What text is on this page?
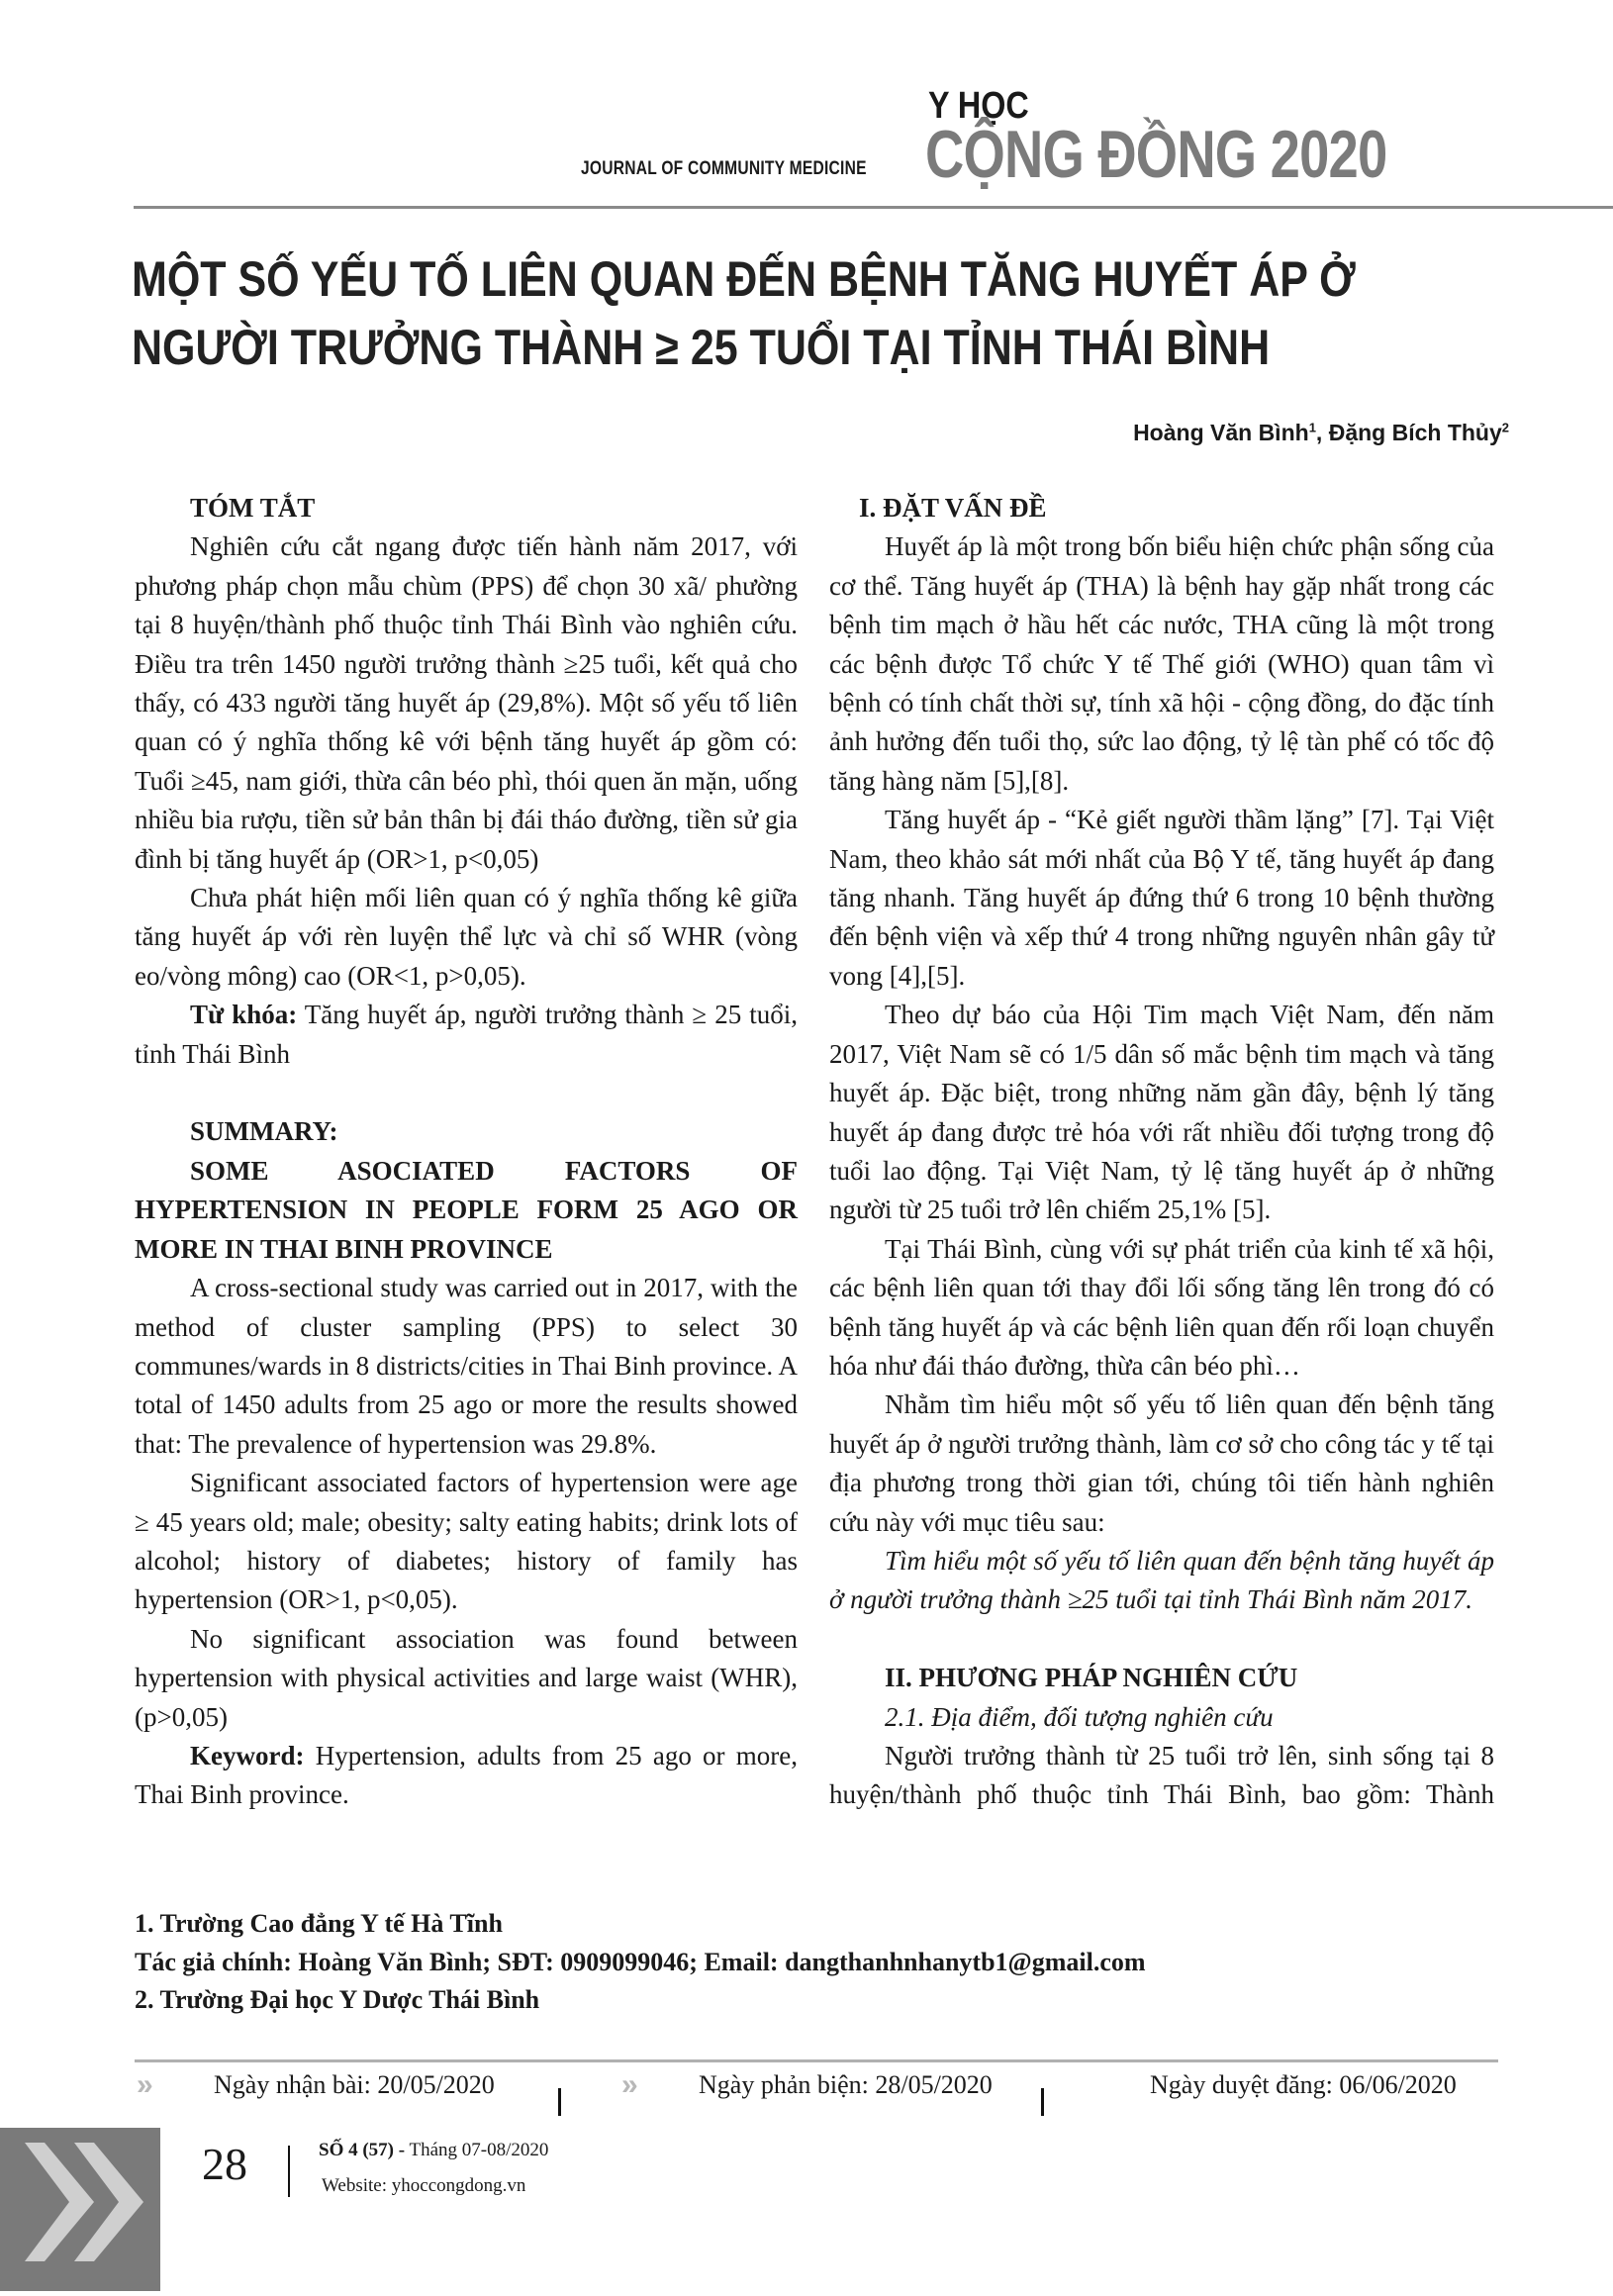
JOURNAL OF COMMUNITY MEDICINE
Y HỌC
CỘNG ĐỒNG 2020
MỘT SỐ YẾU TỐ LIÊN QUAN ĐẾN BỆNH TĂNG HUYẾT ÁP Ở
NGƯỜI TRƯỞNG THÀNH ≥ 25 TUỔI TẠI TỈNH THÁI BÌNH
Hoàng Văn Bình$^1$, Đặng Bích Thủy$^2$

TÓM TẮT

Nghiên cứu cắt ngang được tiến hành năm 2017, với phương pháp chọn mẫu chùm (PPS) để chọn 30 xã/ phường tại 8 huyện/thành phố thuộc tỉnh Thái Bình vào nghiên cứu. Điều tra trên 1450 người trưởng thành ≥25 tuổi, kết quả cho thấy, có 433 người tăng huyết áp (29,8%). Một số yếu tố liên quan có ý nghĩa thống kê với bệnh tăng huyết áp gồm có: Tuổi ≥45, nam giới, thừa cân béo phì, thói quen ăn mặn, uống nhiều bia rượu, tiền sử bản thân bị đái tháo đường, tiền sử gia đình bị tăng huyết áp (OR>1, p<0,05)

Chưa phát hiện mối liên quan có ý nghĩa thống kê giữa tăng huyết áp với rèn luyện thể lực và chỉ số WHR (vòng eo/vòng mông) cao (OR<1, p>0,05).

Từ khóa: Tăng huyết áp, người trưởng thành ≥ 25 tuổi, tỉnh Thái Bình

SUMMARY:

SOME ASOCIATED FACTORS OF HYPERTENSION IN PEOPLE FORM 25 AGO OR MORE IN THAI BINH PROVINCE

A cross-sectional study was carried out in 2017, with the method of cluster sampling (PPS) to select 30 communes/wards in 8 districts/cities in Thai Binh province. A total of 1450 adults from 25 ago or more the results showed that: The prevalence of hypertension was 29.8%.

Significant associated factors of hypertension were age ≥ 45 years old; male; obesity; salty eating habits; drink lots of alcohol; history of diabetes; history of family has hypertension (OR>1, p<0,05).

No significant association was found between hypertension with physical activities and large waist (WHR), (p>0,05)

Keyword: Hypertension, adults from 25 ago or more, Thai Binh province.

I. ĐẶT VẤN ĐỀ

Huyết áp là một trong bốn biểu hiện chức phận sống của cơ thể. Tăng huyết áp (THA) là bệnh hay gặp nhất trong các bệnh tim mạch ở hầu hết các nước, THA cũng là một trong các bệnh được Tổ chức Y tế Thế giới (WHO) quan tâm vì bệnh có tính chất thời sự, tính xã hội - cộng đồng, do đặc tính ảnh hưởng đến tuổi thọ, sức lao động, tỷ lệ tàn phế có tốc độ tăng hàng năm [5],[8].

Tăng huyết áp - “Kẻ giết người thầm lặng” [7]. Tại Việt Nam, theo khảo sát mới nhất của Bộ Y tế, tăng huyết áp đang tăng nhanh. Tăng huyết áp đứng thứ 6 trong 10 bệnh thường đến bệnh viện và xếp thứ 4 trong những nguyên nhân gây tử vong [4],[5].

Theo dự báo của Hội Tim mạch Việt Nam, đến năm 2017, Việt Nam sẽ có 1/5 dân số mắc bệnh tim mạch và tăng huyết áp. Đặc biệt, trong những năm gần đây, bệnh lý tăng huyết áp đang được trẻ hóa với rất nhiều đối tượng trong độ tuổi lao động. Tại Việt Nam, tỷ lệ tăng huyết áp ở những người từ 25 tuổi trở lên chiếm 25,1% [5].

Tại Thái Bình, cùng với sự phát triển của kinh tế xã hội, các bệnh liên quan tới thay đổi lối sống tăng lên trong đó có bệnh tăng huyết áp và các bệnh liên quan đến rối loạn chuyển hóa như đái tháo đường, thừa cân béo phì…

Nhằm tìm hiểu một số yếu tố liên quan đến bệnh tăng huyết áp ở người trưởng thành, làm cơ sở cho công tác y tế tại địa phương trong thời gian tới, chúng tôi tiến hành nghiên cứu này với mục tiêu sau:

Tìm hiểu một số yếu tố liên quan đến bệnh tăng huyết áp ở người trưởng thành ≥25 tuổi tại tỉnh Thái Bình năm 2017.

II. PHƯƠNG PHÁP NGHIÊN CỨU

2.1. Địa điểm, đối tượng nghiên cứu

Người trưởng thành từ 25 tuổi trở lên, sinh sống tại 8 huyện/thành phố thuộc tỉnh Thái Bình, bao gồm: Thành

1. Trường Cao đẳng Y tế Hà Tĩnh
Tác giả chính: Hoàng Văn Bình; SĐT: 0909099046; Email: dangthanhnhanytb1@gmail.com
2. Trường Đại học Y Dược Thái Bình
» Ngày nhận bài: 20/05/2020	» Ngày phản biện: 28/05/2020	Ngày duyệt đăng: 06/06/2020
28	SỐ 4 (57) - Tháng 07-08/2020
Website: yhoccongdong.vn
